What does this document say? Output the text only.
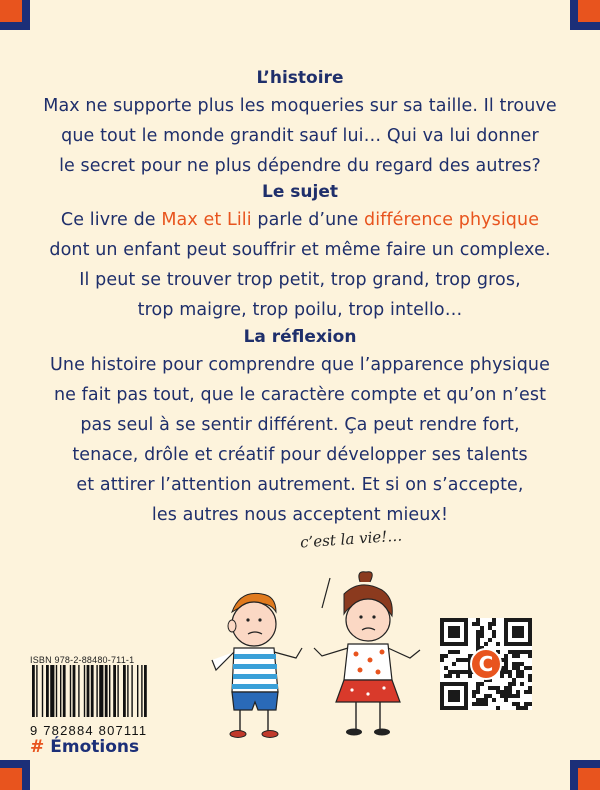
L’histoire

Max ne supporte plus les moqueries sur sa taille. Il trouve
que tout le monde grandit sauf lui… Qui va lui donner
le secret pour ne plus dépendre du regard des autres?

Le sujet

Ce livre de Max et Lili parle d’une différence physique
dont un enfant peut souffrir et même faire un complexe.
Il peut se trouver trop petit, trop grand, trop gros,
trop maigre, trop poilu, trop intello…

La réflexion

Une histoire pour comprendre que l’apparence physique
ne fait pas tout, que le caractère compte et qu’on n’est
pas seul à se sentir différent. Ça peut rendre fort,
tenace, drôle et créatif pour développer ses talents
et attirer l’attention autrement. Et si on s’accepte,
les autres nous acceptent mieux!

c’est la vie!…
ISBN 978-2-88480-711-1
9 782884 807111
C
# Émotions
